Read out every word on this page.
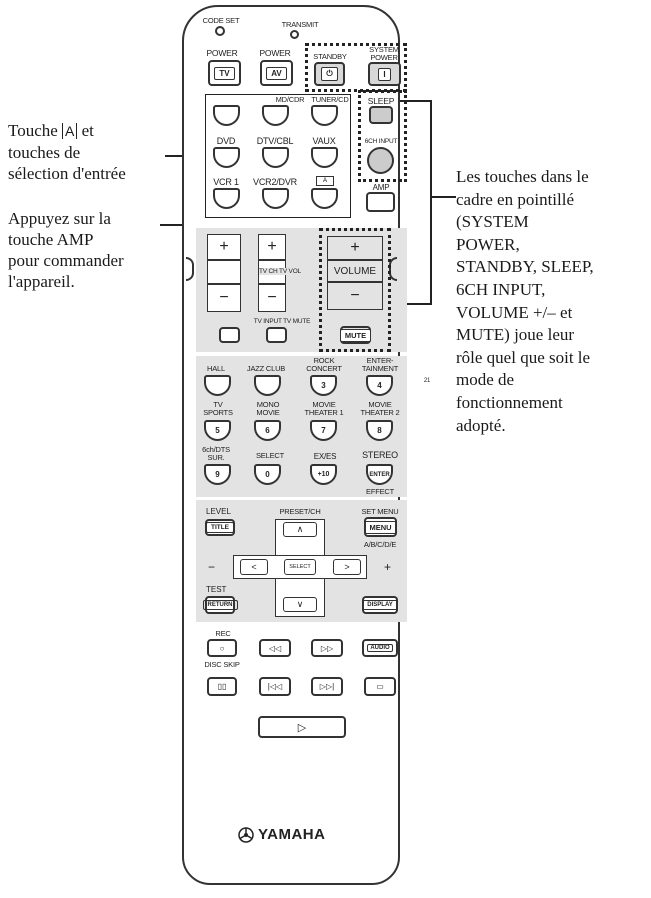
Touche A et
touches de
sélection d'entrée
Appuyez sur la
touche AMP
pour commander
l'appareil.
Les touches dans le
cadre en pointillé
(SYSTEM
POWER,
STANDBY, SLEEP,
6CH INPUT,
VOLUME +/– et
MUTE) joue leur
rôle quel que soit le
mode de
fonctionnement
adopté.
CODE SET	TRANSMIT
POWER	POWER
TV	AV
STANDBY
SYSTEM
POWER
⏻	I
MD/CDR TUNER/CD
DVD DTV/CBL VAUX
VCR 1 VCR2/DVR	A
SLEEP
6CH INPUT
AMP
+
−
+
−
TV CH TV VOL
TV INPUT TV MUTE
+
VOLUME
−
MUTE
HALL	JAZZ CLUB
ROCK
CONCERT
ENTER-
TAINMENT
3	4	21
TV
SPORTS
MONO
MOVIE
MOVIE
THEATER 1
MOVIE
THEATER 2
5	6	7	8
6ch/DTS
SUR.	SELECT	EX/ES	STEREO
9	0	+10	ENTER
EFFECT
LEVEL
TITLE
PRESET/CH	SET MENU
MENU
A/B/C/D/E
∧
∨
<	>
SELECT
−	+
TEST
RETURN	DISPLAY
REC
○	◁◁	▷▷	AUDIO
DISC SKIP
▯▯	|◁◁	▷▷|	▭
▷
YAMAHA
